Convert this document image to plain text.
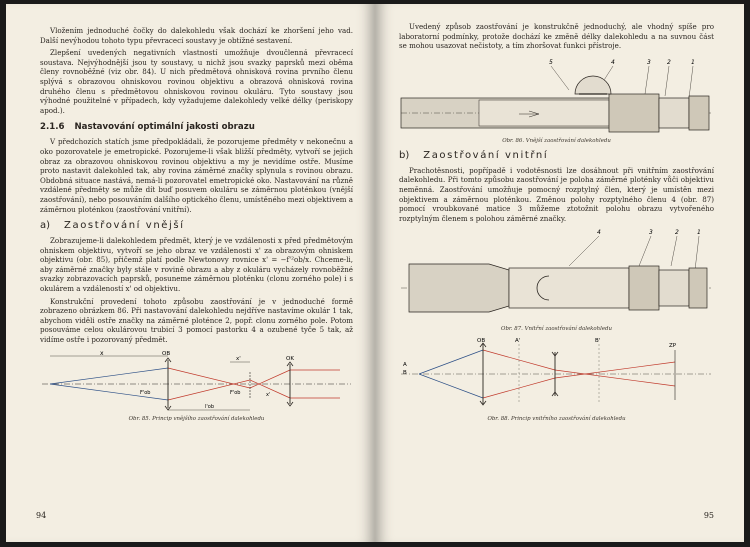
Vložením jednoduché čočky do dalekohledu však dochází ke zhoršení jeho vad. Další nevýhodou tohoto typu převracecí soustavy je obtížné sestavení.

Zlepšení uvedených negativních vlastností umožňuje dvoučlenná převracecí soustava. Nejvýhodnější jsou ty soustavy, u nichž jsou svazky paprsků mezi oběma členy rovnoběžné (viz obr. 84). U nich předmětová ohnisková rovina prvního členu splývá s obrazovou ohniskovou rovinou objektivu a obrazová ohnisková rovina druhého členu s předmětovou ohniskovou rovinou okuláru. Tyto soustavy jsou výhodné použitelné v případech, kdy vyžadujeme dalekohledy velké délky (periskopy apod.).

2.1.6 Nastavování optimální jakosti obrazu

V předchozích statích jsme předpokládali, že pozorujeme předměty v nekonečnu a oko pozorovatele je emetropické. Pozorujeme-li však bližší předměty, vytvoří se jejich obraz za obrazovou ohniskovou rovinou objektivu a my je nevidíme ostře. Musíme proto nastavit dalekohled tak, aby rovina záměrné značky splynula s rovinou obrazu. Obdobná situace nastává, nemá-li pozorovatel emetropické oko. Nastavování na různě vzdálené předměty se může dít buď posuvem okuláru se záměrnou ploténkou (vnější zaostřování), nebo posouváním dalšího optického členu, umístěného mezi objektivem a záměrnou ploténkou (zaostřování vnitřní).

a) Zaostřování vnější

Zobrazujeme-li dalekohledem předmět, který je ve vzdálenosti x před předmětovým ohniskem objektivu, vytvoří se jeho obraz ve vzdálenosti x' za obrazovým ohniskem objektivu (obr. 85), přičemž platí podle Newtonovy rovnice x' = −f'²ob/x. Chceme-li, aby záměrné značky byly stále v rovině obrazu a aby z okuláru vycházely rovnoběžné svazky zobrazovacích paprsků, posuneme záměrnou ploténku (clonu zorného pole) i s okulárem a vzdáleností x' od objektivu.

Konstrukční provedení tohoto způsobu zaostřování je v jednoduché formě zobrazeno obrázkem 86. Při nastavování dalekohledu nejdříve nastavíme okulár 1 tak, abychom viděli ostře značky na záměrné ploténce 2, popř. clonu zorného pole. Potom posouváme celou okulárovou trubicí 3 pomocí pastorku 4 a ozubené tyče 5 tak, až vidíme ostře i pozorovaný předmět.

x	OB
x'	OK
F'ob	F'ob
l'ob
x'
Obr. 85. Princip vnějšího zaostřování dalekohledu
94

Uvedený způsob zaostřování je konstrukčně jednoduchý, ale vhodný spíše pro laboratorní podmínky, protože dochází ke změně délky dalekohledu a na suvnou část se mohou usazovat nečistoty, a tím zhoršovat funkci přístroje.

5	4	3	2	1
Obr. 86. Vnější zaostřování dalekohledu
b) Zaostřování vnitřní

Prachotěsnosti, popřípadě i vodotěsnosti lze dosáhnout při vnitřním zaostřování dalekohledu. Při tomto způsobu zaostřování je poloha záměrné ploténky vůči objektivu neměnná. Zaostřování umožňuje pomocný rozptylný člen, který je umístěn mezi objektivem a záměrnou ploténkou. Změnou polohy rozptylného členu 4 (obr. 87) pomocí vroubkované matice 3 můžeme ztotožnit polohu obrazu vytvořeného rozptylným členem s polohou záměrné značky.

4	3	2	1
Obr. 87. Vnitřní zaostřování dalekohledu
OB	A'	B'
ZP
A
B
Obr. 88. Princip vnitřního zaostřování dalekohledu
95
